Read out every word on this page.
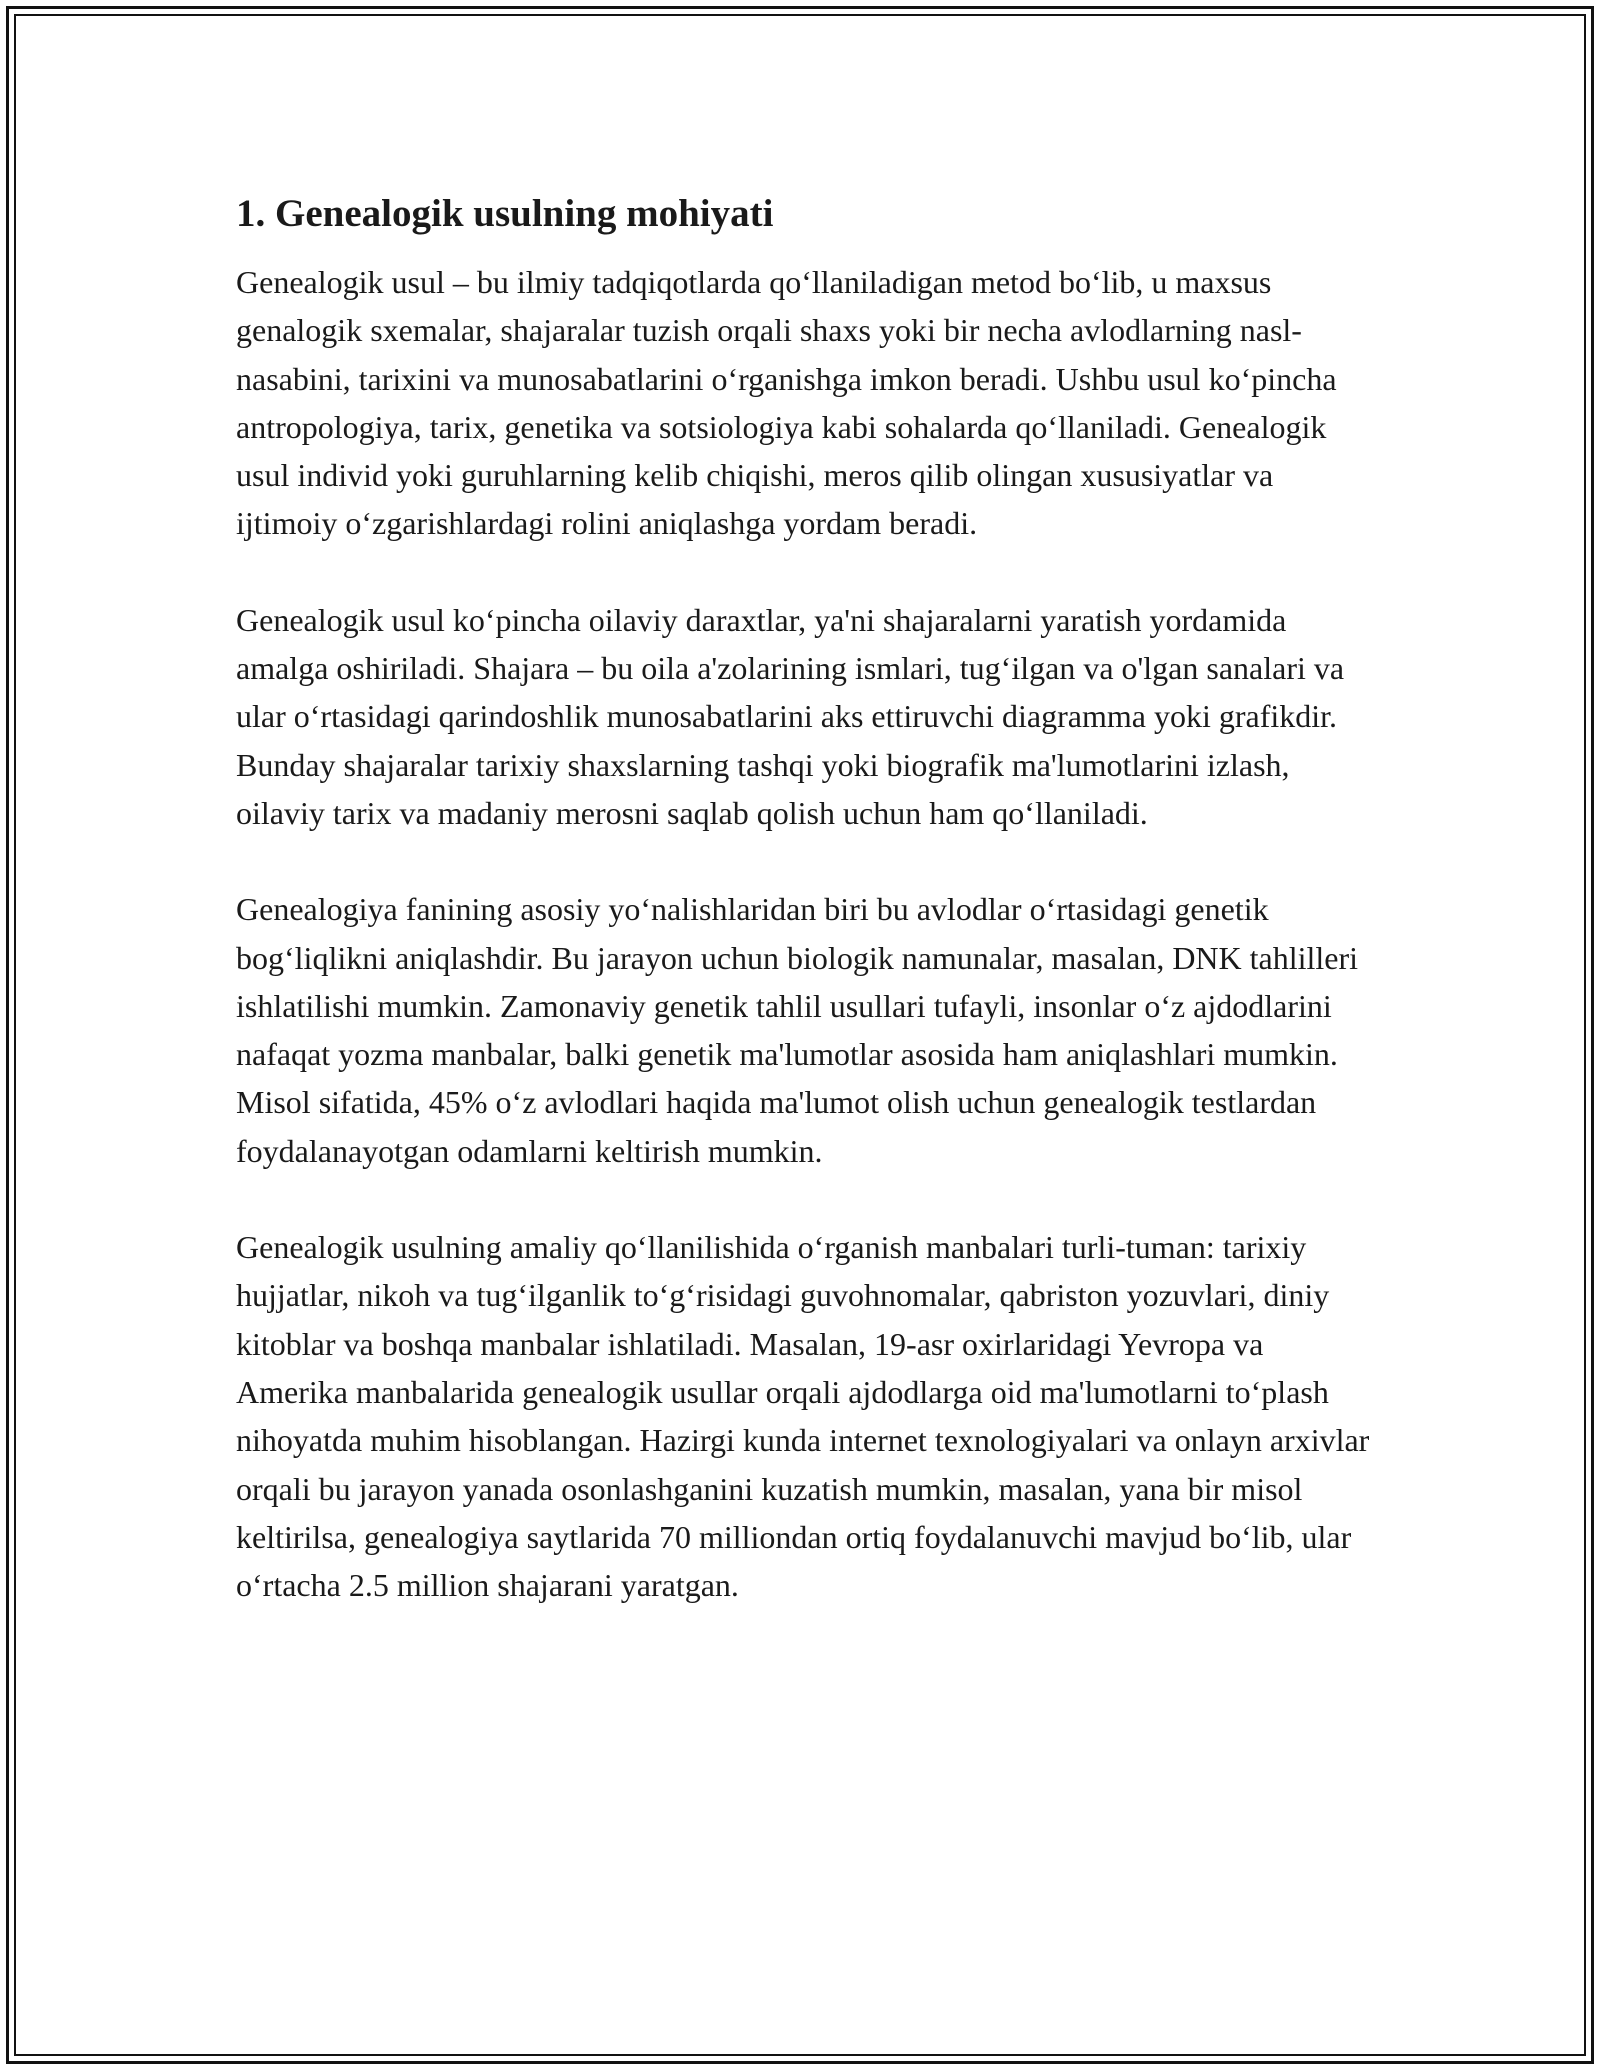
1. Genealogik usulning mohiyati

Genealogik usul – bu ilmiy tadqiqotlarda qo‘llaniladigan metod bo‘lib, u maxsus genalogik sxemalar, shajaralar tuzish orqali shaxs yoki bir necha avlodlarning nasl-nasabini, tarixini va munosabatlarini o‘rganishga imkon beradi. Ushbu usul ko‘pincha antropologiya, tarix, genetika va sotsiologiya kabi sohalarda qo‘llaniladi. Genealogik usul individ yoki guruhlarning kelib chiqishi, meros qilib olingan xususiyatlar va ijtimoiy o‘zgarishlardagi rolini aniqlashga yordam beradi.

Genealogik usul ko‘pincha oilaviy daraxtlar, ya'ni shajaralarni yaratish yordamida amalga oshiriladi. Shajara – bu oila a'zolarining ismlari, tug‘ilgan va o'lgan sanalari va ular o‘rtasidagi qarindoshlik munosabatlarini aks ettiruvchi diagramma yoki grafikdir. Bunday shajaralar tarixiy shaxslarning tashqi yoki biografik ma'lumotlarini izlash, oilaviy tarix va madaniy merosni saqlab qolish uchun ham qo‘llaniladi.

Genealogiya fanining asosiy yo‘nalishlaridan biri bu avlodlar o‘rtasidagi genetik bog‘liqlikni aniqlashdir. Bu jarayon uchun biologik namunalar, masalan, DNK tahlilleri ishlatilishi mumkin. Zamonaviy genetik tahlil usullari tufayli, insonlar o‘z ajdodlarini nafaqat yozma manbalar, balki genetik ma'lumotlar asosida ham aniqlashlari mumkin. Misol sifatida, 45% o‘z avlodlari haqida ma'lumot olish uchun genealogik testlardan foydalanayotgan odamlarni keltirish mumkin.

Genealogik usulning amaliy qo‘llanilishida o‘rganish manbalari turli-tuman: tarixiy hujjatlar, nikoh va tug‘ilganlik to‘g‘risidagi guvohnomalar, qabriston yozuvlari, diniy kitoblar va boshqa manbalar ishlatiladi. Masalan, 19-asr oxirlaridagi Yevropa va Amerika manbalarida genealogik usullar orqali ajdodlarga oid ma'lumotlarni to‘plash nihoyatda muhim hisoblangan. Hazirgi kunda internet texnologiyalari va onlayn arxivlar orqali bu jarayon yanada osonlashganini kuzatish mumkin, masalan, yana bir misol keltirilsa, genealogiya saytlarida 70 milliondan ortiq foydalanuvchi mavjud bo‘lib, ular o‘rtacha 2.5 million shajarani yaratgan.
